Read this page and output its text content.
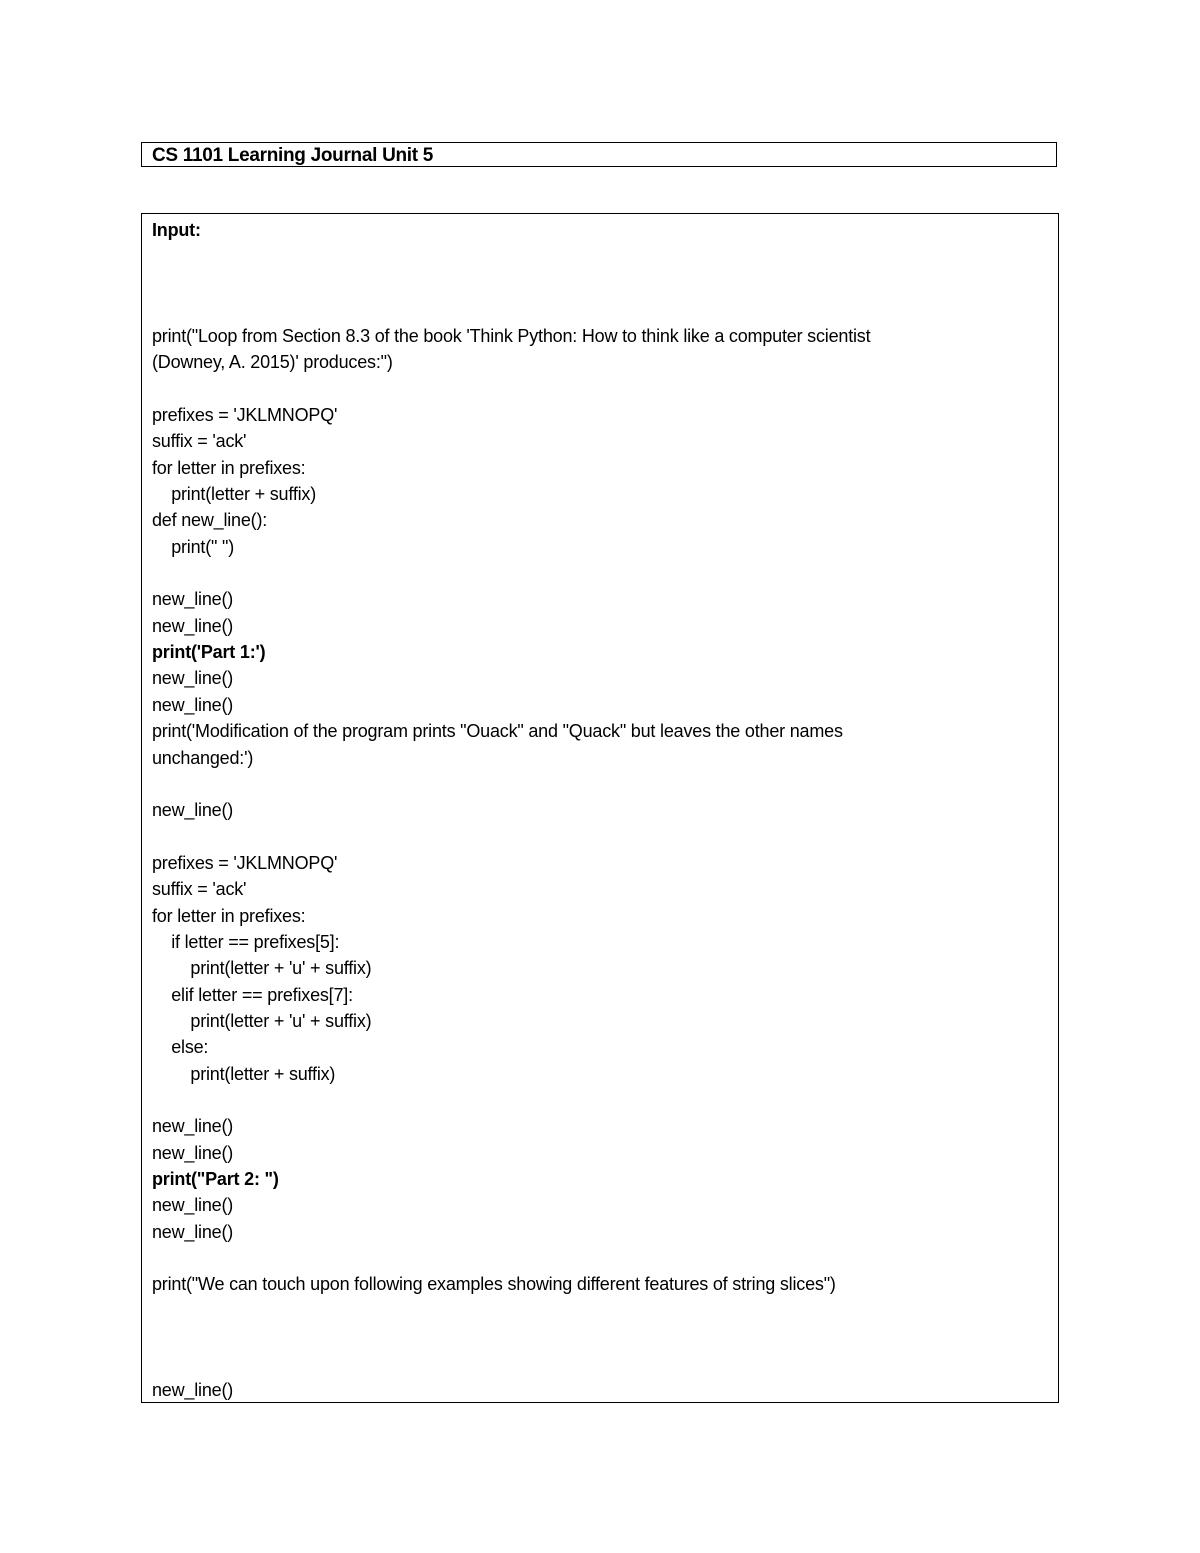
CS 1101 Learning Journal Unit 5
Input:
print("Loop from Section 8.3 of the book 'Think Python: How to think like a computer scientist
(Downey, A. 2015)' produces:")
prefixes = 'JKLMNOPQ'
suffix = 'ack'
for letter in prefixes:
print(letter + suffix)
def new_line():
print(" ")
new_line()
new_line()
print('Part 1:')
new_line()
new_line()
print('Modification of the program prints "Ouack" and "Quack" but leaves the other names
unchanged:')
new_line()
prefixes = 'JKLMNOPQ'
suffix = 'ack'
for letter in prefixes:
if letter == prefixes[5]:
print(letter + 'u' + suffix)
elif letter == prefixes[7]:
print(letter + 'u' + suffix)
else:
print(letter + suffix)
new_line()
new_line()
print("Part 2: ")
new_line()
new_line()
print("We can touch upon following examples showing different features of string slices")
new_line()
